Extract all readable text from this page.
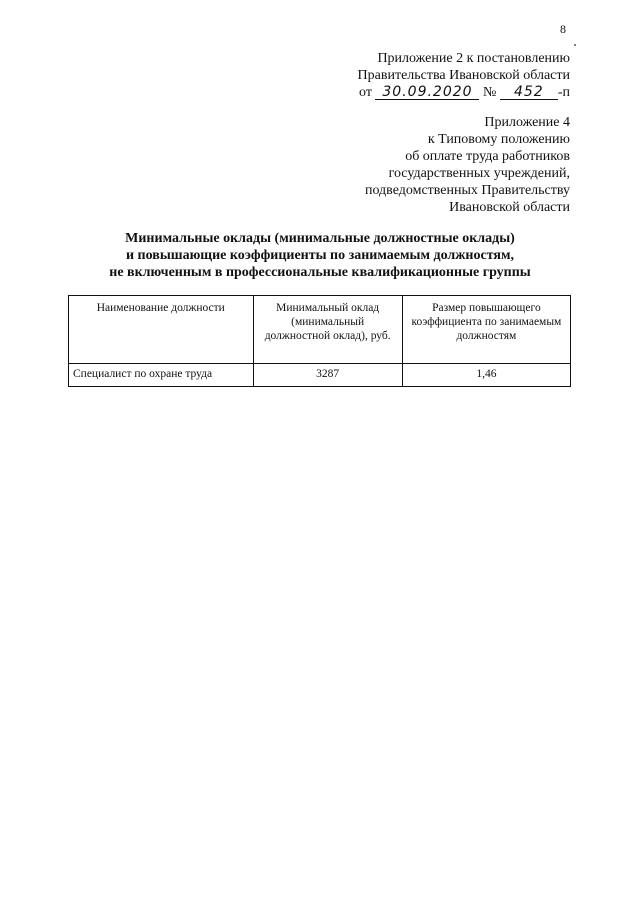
8
Приложение 2 к постановлению
Правительства Ивановской области
от 30.09.2020 № 452 -п
Приложение 4
к Типовому положению
об оплате труда работников
государственных учреждений,
подведомственных Правительству
Ивановской области
Минимальные оклады (минимальные должностные оклады)
и повышающие коэффициенты по занимаемым должностям,
не включенным в профессиональные квалификационные группы
Наименование должности	Минимальный оклад (минимальный должностной оклад), руб.	Размер повышающего коэффициента по занимаемым должностям
Специалист по охране труда	3287	1,46
